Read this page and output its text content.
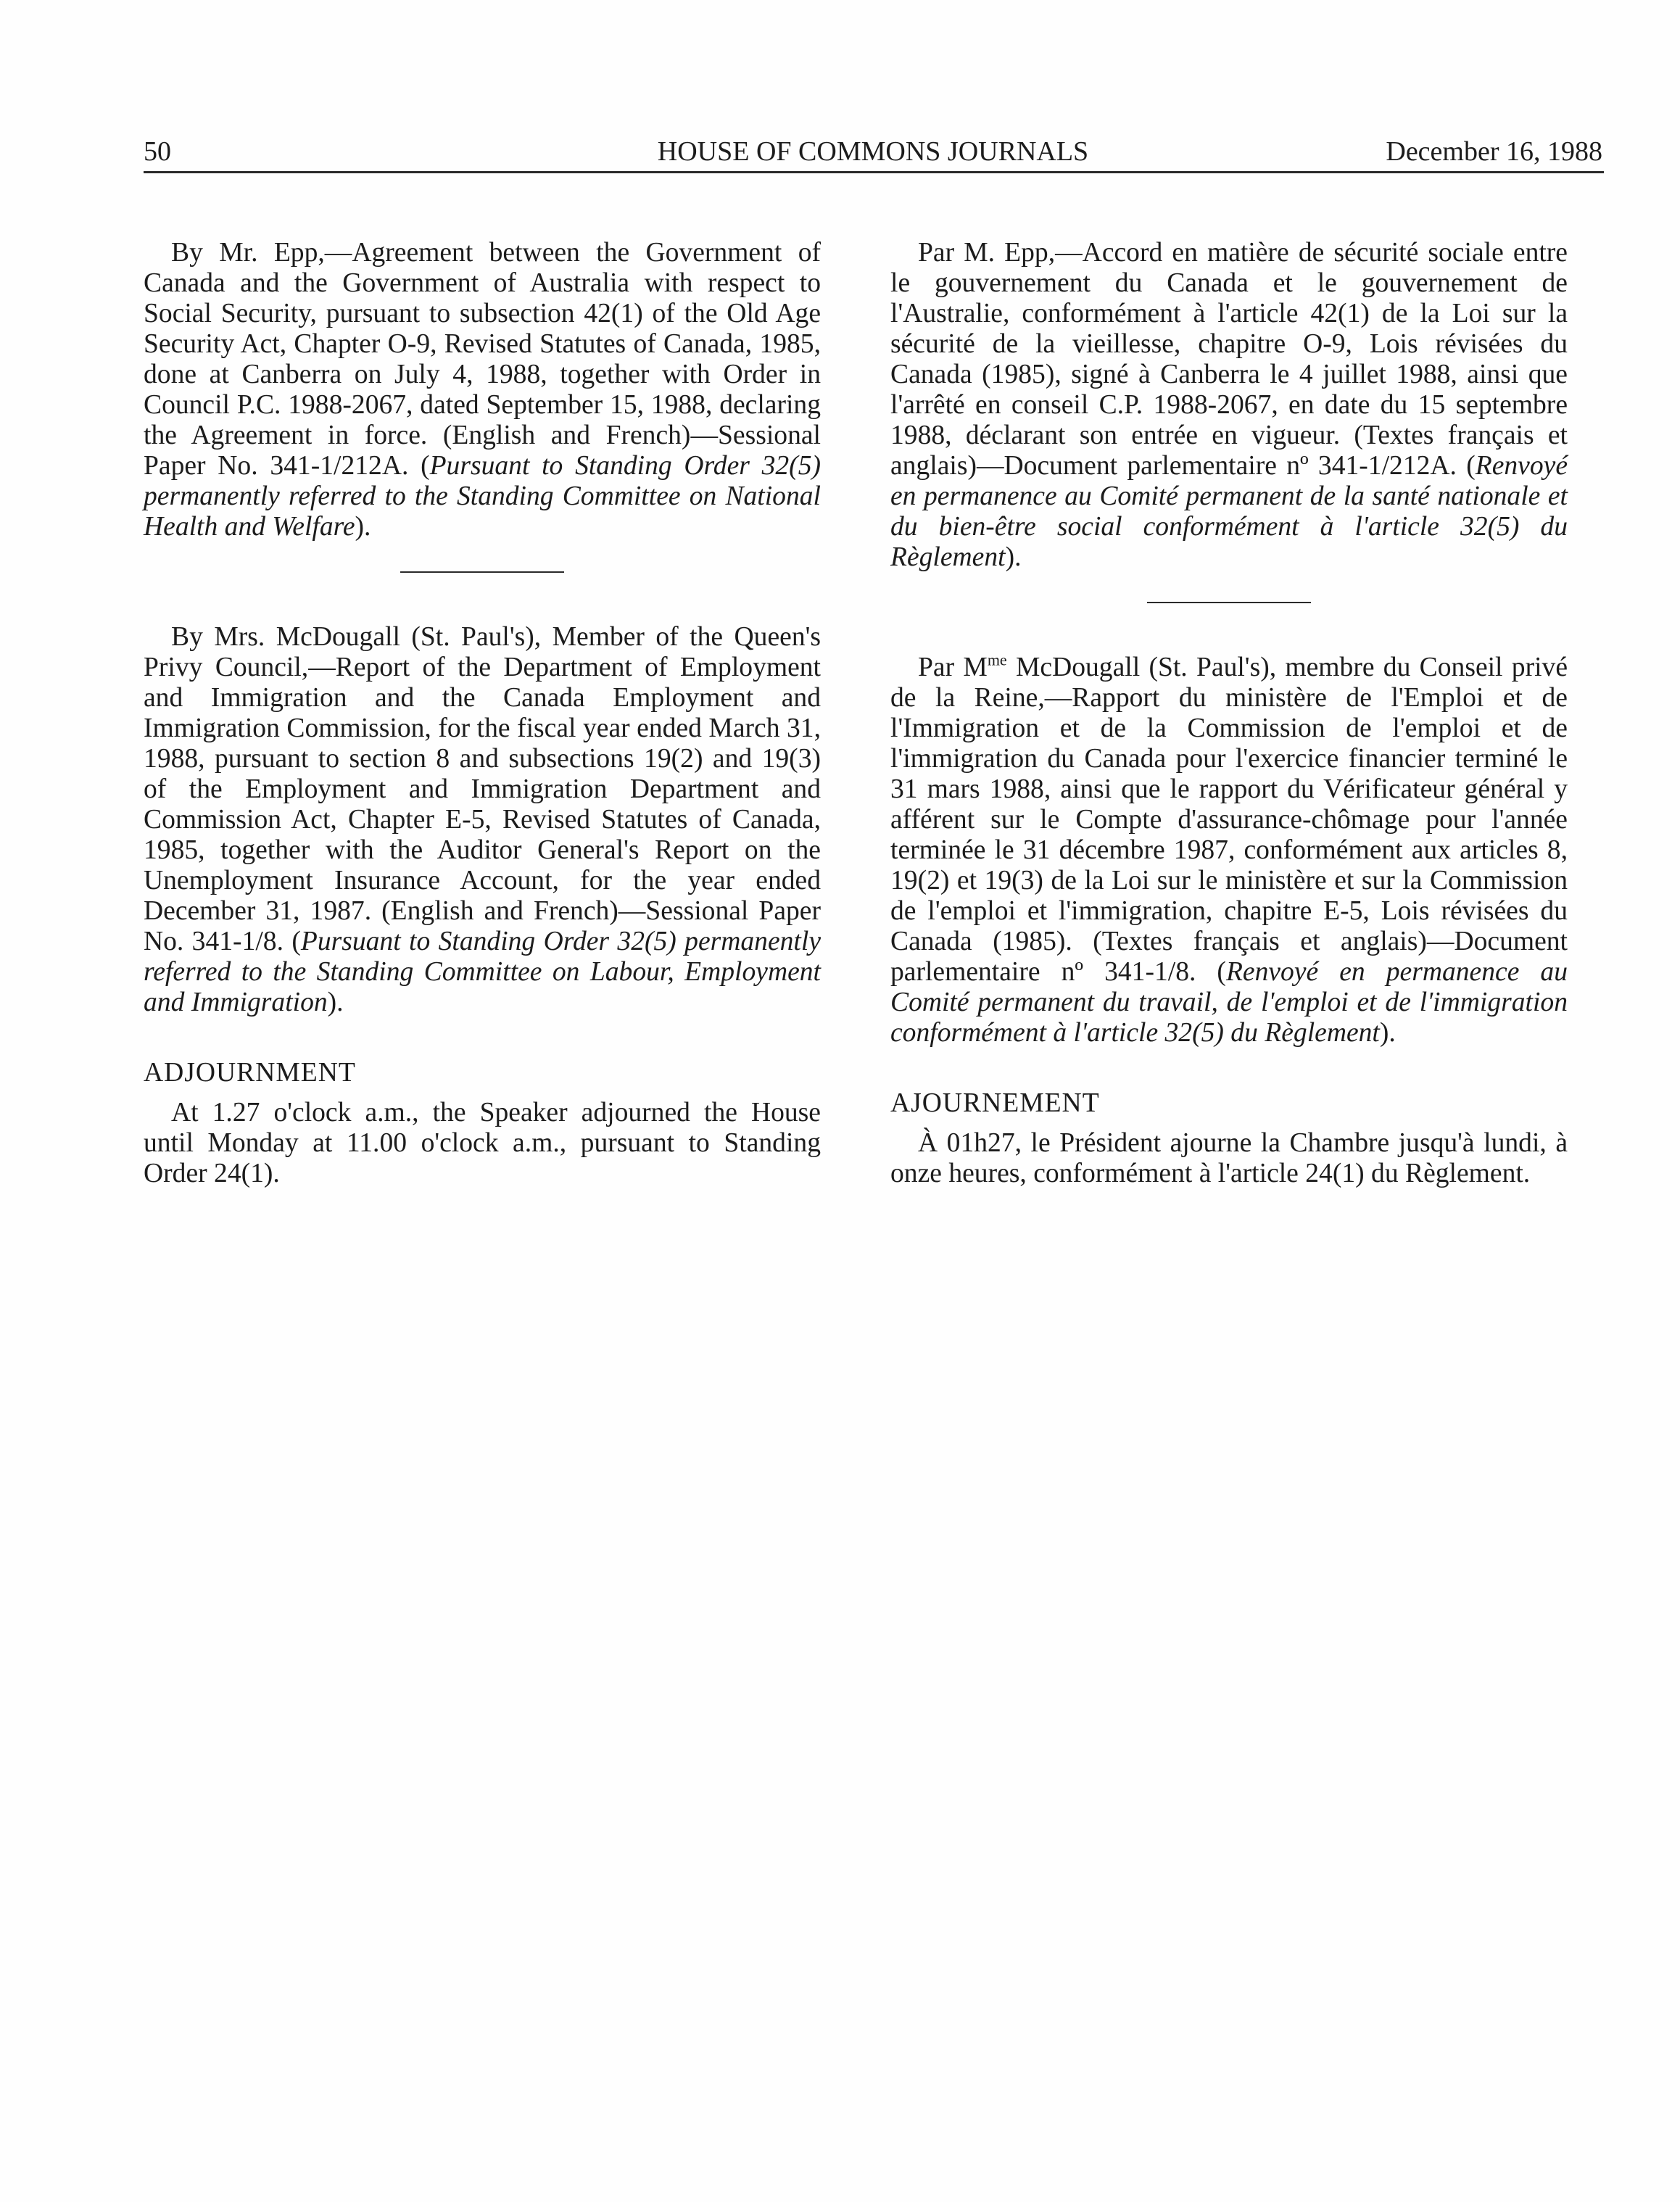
HOUSE OF COMMONS JOURNALS
50	December 16, 1988

By Mr. Epp,—Agreement between the Government of Canada and the Government of Australia with respect to Social Security, pursuant to subsection 42(1) of the Old Age Security Act, Chapter O-9, Revised Statutes of Canada, 1985, done at Canberra on July 4, 1988, together with Order in Council P.C. 1988-2067, dated September 15, 1988, declaring the Agreement in force. (English and French)—Sessional Paper No. 341-1/212A. (Pursuant to Standing Order 32(5) permanently referred to the Standing Committee on National Health and Welfare).

By Mrs. McDougall (St. Paul's), Member of the Queen's Privy Council,—Report of the Department of Employment and Immigration and the Canada Employment and Immigration Commission, for the fiscal year ended March 31, 1988, pursuant to section 8 and subsections 19(2) and 19(3) of the Employment and Immigration Department and Commission Act, Chapter E-5, Revised Statutes of Canada, 1985, together with the Auditor General's Report on the Unemployment Insurance Account, for the year ended December 31, 1987. (English and French)—Sessional Paper No. 341-1/8. (Pursuant to Standing Order 32(5) permanently referred to the Standing Committee on Labour, Employment and Immigration).

ADJOURNMENT

At 1.27 o'clock a.m., the Speaker adjourned the House until Monday at 11.00 o'clock a.m., pursuant to Standing Order 24(1).

Par M. Epp,—Accord en matière de sécurité sociale entre le gouvernement du Canada et le gouvernement de l'Australie, conformément à l'article 42(1) de la Loi sur la sécurité de la vieillesse, chapitre O-9, Lois révisées du Canada (1985), signé à Canberra le 4 juillet 1988, ainsi que l'arrêté en conseil C.P. 1988-2067, en date du 15 septembre 1988, déclarant son entrée en vigueur. (Textes français et anglais)—Document parlementaire nº 341-1/212A. (Renvoyé en permanence au Comité permanent de la santé nationale et du bien-être social conformément à l'article 32(5) du Règlement).

Par $M^{me}$ McDougall (St. Paul's), membre du Conseil privé de la Reine,—Rapport du ministère de l'Emploi et de l'Immigration et de la Commission de l'emploi et de l'immigration du Canada pour l'exercice financier terminé le 31 mars 1988, ainsi que le rapport du Vérificateur général y afférent sur le Compte d'assurance-chômage pour l'année terminée le 31 décembre 1987, conformément aux articles 8, 19(2) et 19(3) de la Loi sur le ministère et sur la Commission de l'emploi et l'immigration, chapitre E-5, Lois révisées du Canada (1985). (Textes français et anglais)—Document parlementaire nº 341-1/8. (Renvoyé en permanence au Comité permanent du travail, de l'emploi et de l'immigration conformément à l'article 32(5) du Règlement).

AJOURNEMENT

À 01h27, le Président ajourne la Chambre jusqu'à lundi, à onze heures, conformément à l'article 24(1) du Règlement.
